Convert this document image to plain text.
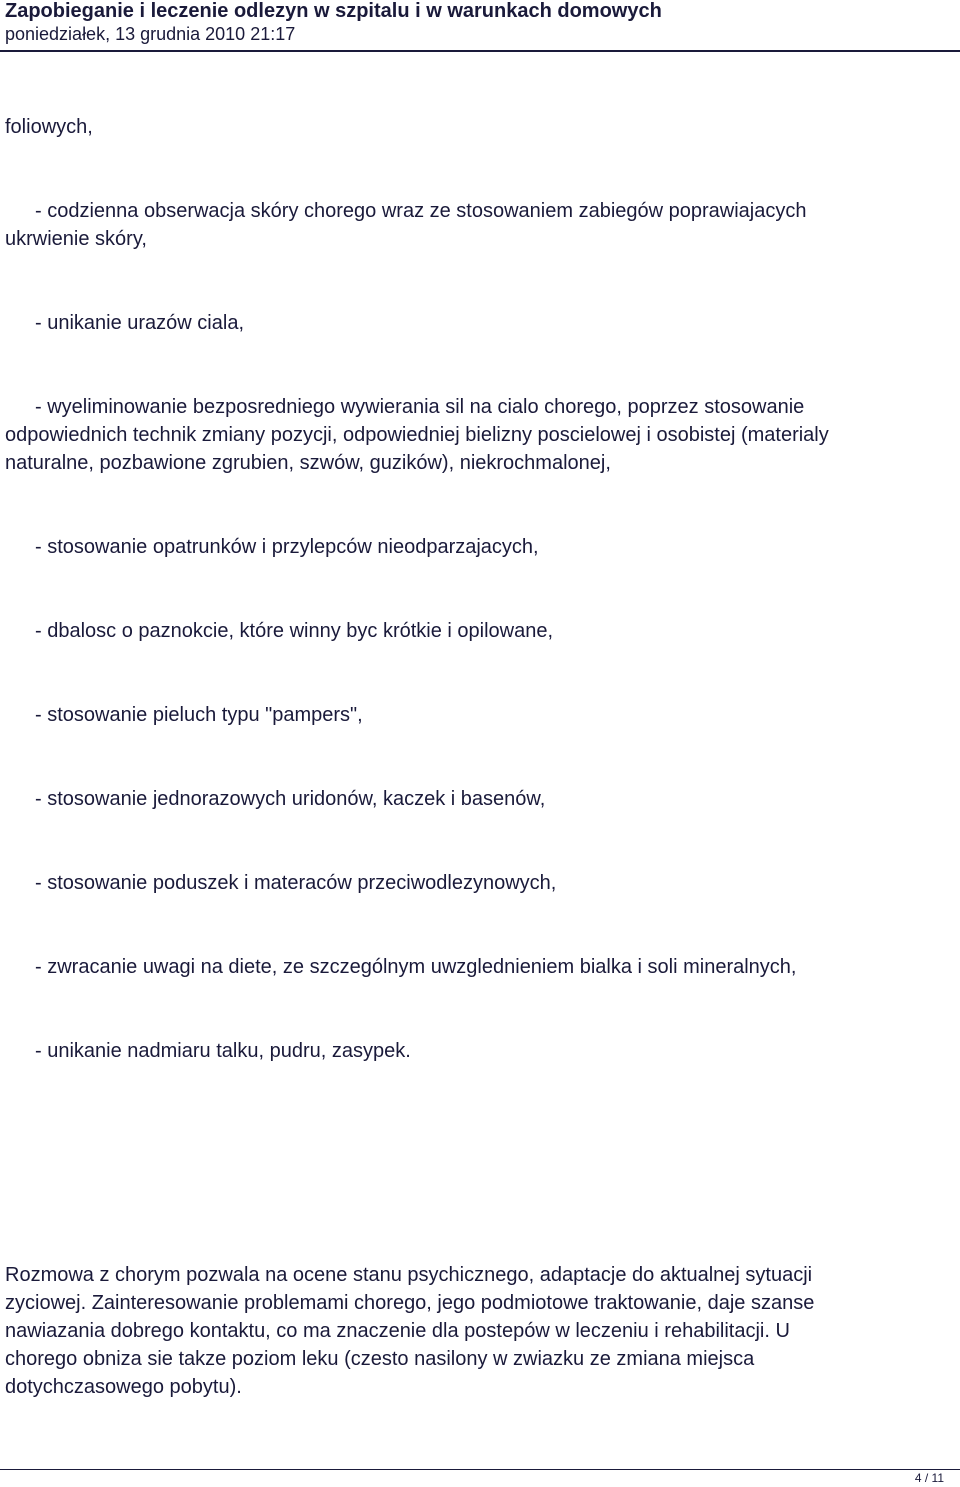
Zapobieganie i leczenie odlezyn w szpitalu i w warunkach domowych
poniedziałek, 13 grudnia 2010 21:17
foliowych,
- codzienna obserwacja skóry chorego wraz ze stosowaniem zabiegów poprawiajacych
ukrwienie skóry,
- unikanie urazów ciala,
- wyeliminowanie bezposredniego wywierania sil na cialo chorego, poprzez stosowanie
odpowiednich technik zmiany pozycji, odpowiedniej bielizny poscielowej i osobistej (materialy
naturalne, pozbawione zgrubien, szwów, guzików), niekrochmalonej,
- stosowanie opatrunków i przylepców nieodparzajacych,
- dbalosc o paznokcie, które winny byc krótkie i opilowane,
- stosowanie pieluch typu "pampers",
- stosowanie jednorazowych uridonów, kaczek i basenów,
- stosowanie poduszek i materaców przeciwodlezynowych,
- zwracanie uwagi na diete, ze szczególnym uwzglednieniem bialka i soli mineralnych,
- unikanie nadmiaru talku, pudru, zasypek.
Rozmowa z chorym pozwala na ocene stanu psychicznego, adaptacje do aktualnej sytuacji
zyciowej. Zainteresowanie problemami chorego, jego podmiotowe traktowanie, daje szanse
nawiazania dobrego kontaktu, co ma znaczenie dla postepów w leczeniu i rehabilitacji. U
chorego obniza sie takze poziom leku (czesto nasilony w zwiazku ze zmiana miejsca
dotychczasowego pobytu).
4 / 11
